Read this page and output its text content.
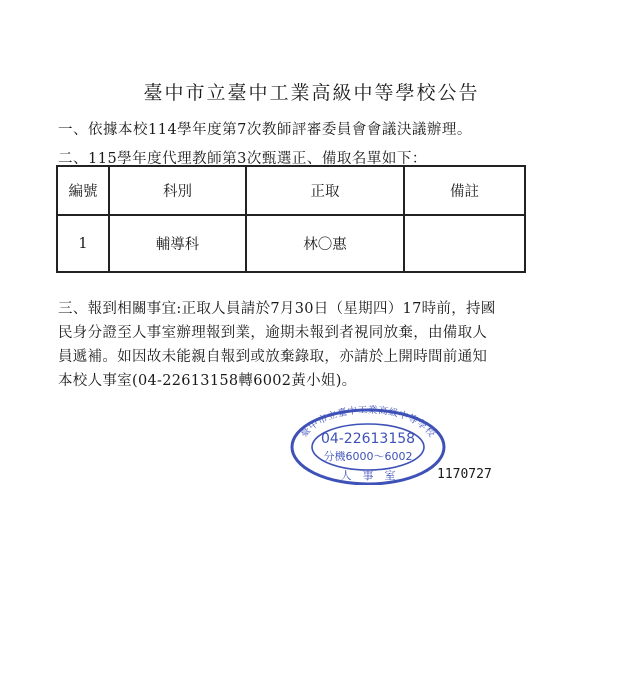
臺中市立臺中工業高級中等學校公告
一、依據本校114學年度第7次教師評審委員會會議決議辦理。
二、115學年度代理教師第3次甄選正、備取名單如下：
編號	科別	正取	備註
1	輔導科	林〇惠	
三、報到相關事宜:正取人員請於7月30日（星期四）17時前，持國
民身分證至人事室辦理報到業，逾期未報到者視同放棄，由備取人
員遞補。如因故未能親自報到或放棄錄取，亦請於上開時間前通知
本校人事室(04-22613158轉6002黃小姐)。
臺中市立臺中工業高級中等學校
04-22613158
分機6000～6002
人　事　室	1170727
